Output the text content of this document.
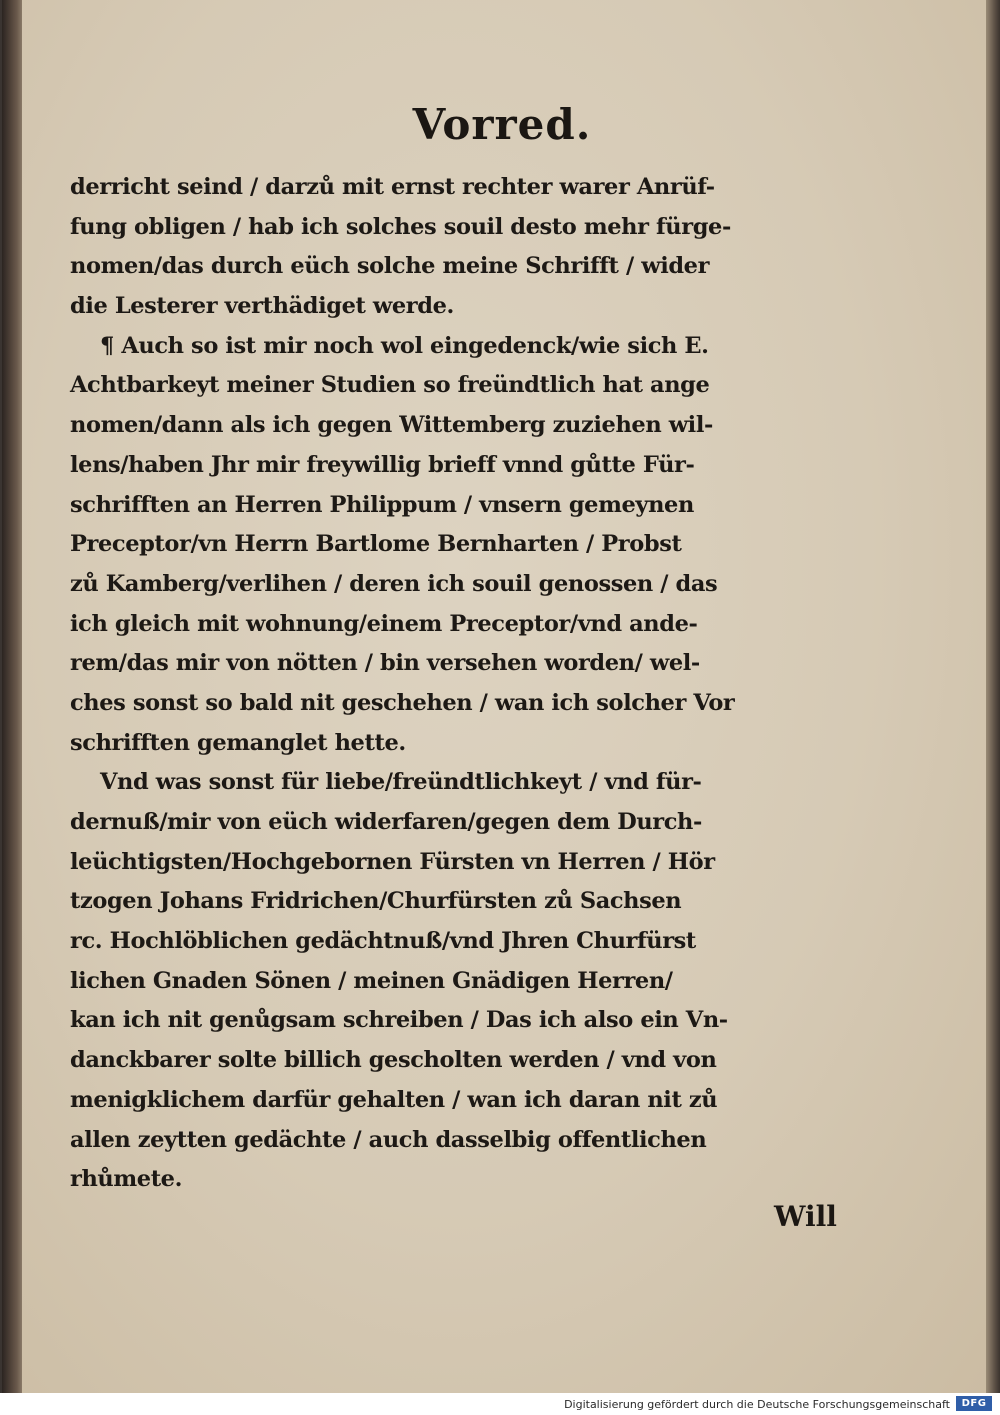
Vorred.
derricht seind / darzů mit ernst rechter warer Anrüf-
fung obligen / hab ich solches souil desto mehr fürge-
nomen/das durch eüch solche meine Schrifft / wider
die Lesterer verthädiget werde.
¶ Auch so ist mir noch wol eingedenck/wie sich E.
Achtbarkeyt meiner Studien so freündtlich hat ange
nomen/dann als ich gegen Wittemberg zuziehen wil-
lens/haben Jhr mir freywillig brieff vnnd gůtte Für-
schrifften an Herren Philippum / vnsern gemeynen
Preceptor/vn Herrn Bartlome Bernharten / Probst
zů Kamberg/verlihen / deren ich souil genossen / das
ich gleich mit wohnung/einem Preceptor/vnd ande-
rem/das mir von nötten / bin versehen worden/ wel-
ches sonst so bald nit geschehen / wan ich solcher Vor
schrifften gemanglet hette.
Vnd was sonst für liebe/freündtlichkeyt / vnd für-
dernuß/mir von eüch widerfaren/gegen dem Durch-
leüchtigsten/Hochgebornen Fürsten vn Herren / Hör
tzogen Johans Fridrichen/Churfürsten zů Sachsen
rc. Hochlöblichen gedächtnuß/vnd Jhren Churfürst
lichen Gnaden Sönen / meinen Gnädigen Herren/
kan ich nit genůgsam schreiben / Das ich also ein Vn-
danckbarer solte billich gescholten werden / vnd von
menigklichem darfür gehalten / wan ich daran nit zů
allen zeytten gedächte / auch dasselbig offentlichen
rhůmete.
Will
Digitalisierung gefördert durch die Deutsche Forschungsgemeinschaft	DFG
